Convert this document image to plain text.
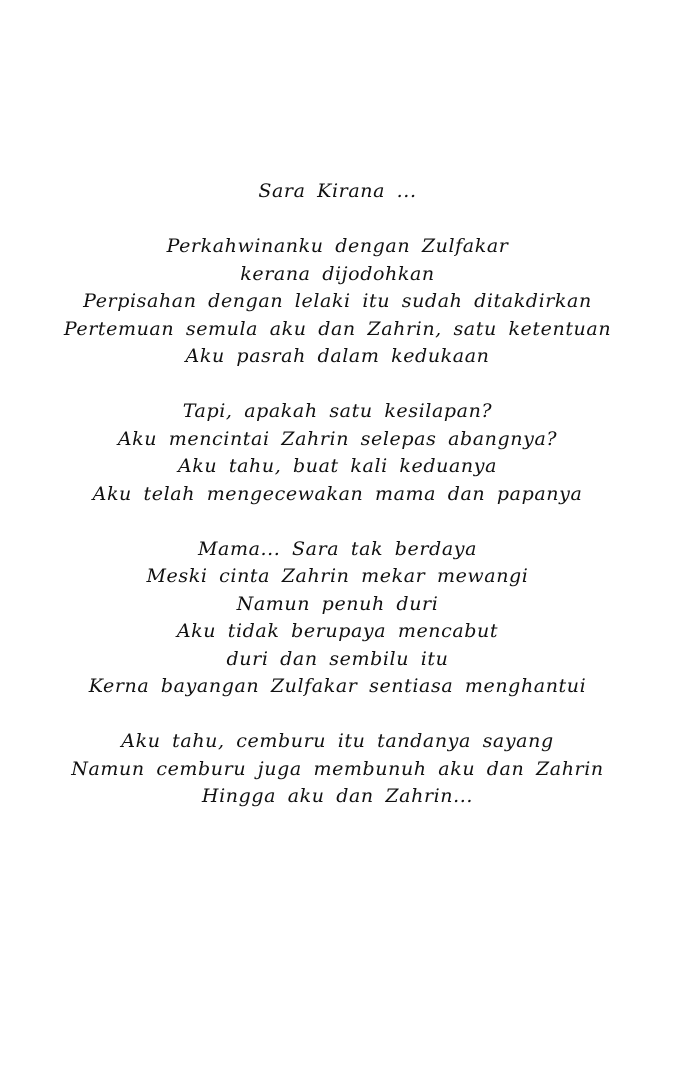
Sara Kirana ...
Perkahwinanku dengan Zulfakar
kerana dijodohkan
Perpisahan dengan lelaki itu sudah ditakdirkan
Pertemuan semula aku dan Zahrin, satu ketentuan
Aku pasrah dalam kedukaan
Tapi, apakah satu kesilapan?
Aku mencintai Zahrin selepas abangnya?
Aku tahu, buat kali keduanya
Aku telah mengecewakan mama dan papanya
Mama... Sara tak berdaya
Meski cinta Zahrin mekar mewangi
Namun penuh duri
Aku tidak berupaya mencabut
duri dan sembilu itu
Kerna bayangan Zulfakar sentiasa menghantui
Aku tahu, cemburu itu tandanya sayang
Namun cemburu juga membunuh aku dan Zahrin
Hingga aku dan Zahrin...
